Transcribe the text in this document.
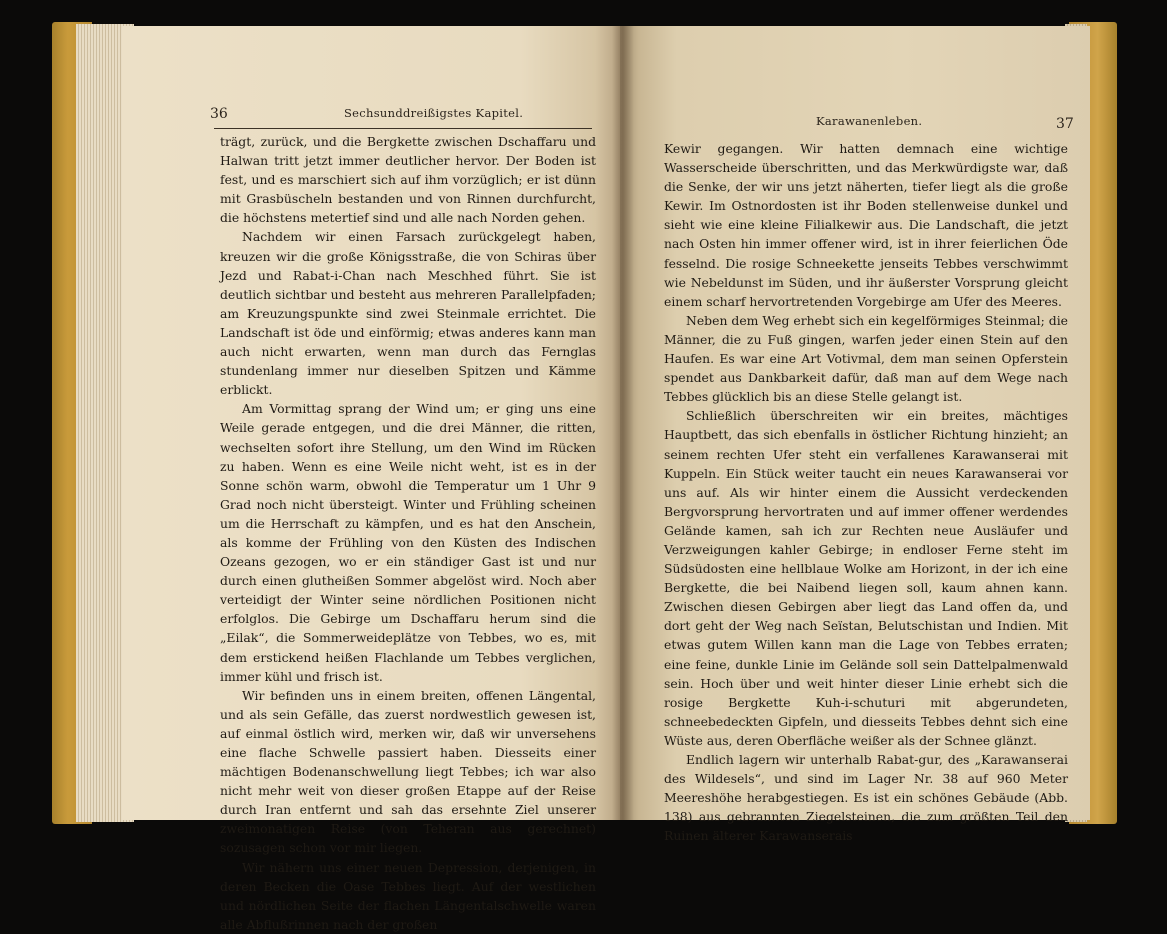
36	Sechsunddreißigstes Kapitel.

trägt, zurück, und die Bergkette zwischen Dschaffaru und Halwan tritt jetzt immer deutlicher hervor. Der Boden ist fest, und es marschiert sich auf ihm vorzüglich; er ist dünn mit Grasbüscheln bestanden und von Rinnen durchfurcht, die höchstens metertief sind und alle nach Norden gehen.

Nachdem wir einen Farsach zurückgelegt haben, kreuzen wir die große Königsstraße, die von Schiras über Jezd und Rabat-i-Chan nach Meschhed führt. Sie ist deutlich sichtbar und besteht aus mehreren Parallelpfaden; am Kreuzungspunkte sind zwei Steinmale errichtet. Die Landschaft ist öde und einförmig; etwas anderes kann man auch nicht erwarten, wenn man durch das Fernglas stundenlang immer nur dieselben Spitzen und Kämme erblickt.

Am Vormittag sprang der Wind um; er ging uns eine Weile gerade entgegen, und die drei Männer, die ritten, wechselten sofort ihre Stellung, um den Wind im Rücken zu haben. Wenn es eine Weile nicht weht, ist es in der Sonne schön warm, obwohl die Temperatur um 1 Uhr 9 Grad noch nicht übersteigt. Winter und Frühling scheinen um die Herrschaft zu kämpfen, und es hat den Anschein, als komme der Frühling von den Küsten des Indischen Ozeans gezogen, wo er ein ständiger Gast ist und nur durch einen glutheißen Sommer abgelöst wird. Noch aber verteidigt der Winter seine nördlichen Positionen nicht erfolglos. Die Gebirge um Dschaffaru herum sind die „Eilak“, die Sommerweideplätze von Tebbes, wo es, mit dem erstickend heißen Flachlande um Tebbes verglichen, immer kühl und frisch ist.

Wir befinden uns in einem breiten, offenen Längental, und als sein Gefälle, das zuerst nordwestlich gewesen ist, auf einmal östlich wird, merken wir, daß wir unversehens eine flache Schwelle passiert haben. Diesseits einer mächtigen Bodenanschwellung liegt Tebbes; ich war also nicht mehr weit von dieser großen Etappe auf der Reise durch Iran entfernt und sah das ersehnte Ziel unserer zweimonatigen Reise (von Teheran aus gerechnet) sozusagen schon vor mir liegen.

Wir nähern uns einer neuen Depression, derjenigen, in deren Becken die Oase Tebbes liegt. Auf der westlichen und nördlichen Seite der flachen Längentalschwelle waren alle Abflußrinnen nach der großen

Karawanenleben.	37

Kewir gegangen. Wir hatten demnach eine wichtige Wasserscheide überschritten, und das Merkwürdigste war, daß die Senke, der wir uns jetzt näherten, tiefer liegt als die große Kewir. Im Ostnordosten ist ihr Boden stellenweise dunkel und sieht wie eine kleine Filialkewir aus. Die Landschaft, die jetzt nach Osten hin immer offener wird, ist in ihrer feierlichen Öde fesselnd. Die rosige Schneekette jenseits Tebbes verschwimmt wie Nebeldunst im Süden, und ihr äußerster Vorsprung gleicht einem scharf hervortretenden Vorgebirge am Ufer des Meeres.

Neben dem Weg erhebt sich ein kegelförmiges Steinmal; die Männer, die zu Fuß gingen, warfen jeder einen Stein auf den Haufen. Es war eine Art Votivmal, dem man seinen Opferstein spendet aus Dankbarkeit dafür, daß man auf dem Wege nach Tebbes glücklich bis an diese Stelle gelangt ist.

Schließlich überschreiten wir ein breites, mächtiges Hauptbett, das sich ebenfalls in östlicher Richtung hinzieht; an seinem rechten Ufer steht ein verfallenes Karawanserai mit Kuppeln. Ein Stück weiter taucht ein neues Karawanserai vor uns auf. Als wir hinter einem die Aussicht verdeckenden Bergvorsprung hervortraten und auf immer offener werdendes Gelände kamen, sah ich zur Rechten neue Ausläufer und Verzweigungen kahler Gebirge; in endloser Ferne steht im Südsüdosten eine hellblaue Wolke am Horizont, in der ich eine Bergkette, die bei Naibend liegen soll, kaum ahnen kann. Zwischen diesen Gebirgen aber liegt das Land offen da, und dort geht der Weg nach Seïstan, Belutschistan und Indien. Mit etwas gutem Willen kann man die Lage von Tebbes erraten; eine feine, dunkle Linie im Gelände soll sein Dattelpalmenwald sein. Hoch über und weit hinter dieser Linie erhebt sich die rosige Bergkette Kuh-i-schuturi mit abgerundeten, schneebedeckten Gipfeln, und diesseits Tebbes dehnt sich eine Wüste aus, deren Oberfläche weißer als der Schnee glänzt.

Endlich lagern wir unterhalb Rabat-gur, des „Karawanserai des Wildesels“, und sind im Lager Nr. 38 auf 960 Meter Meereshöhe herabgestiegen. Es ist ein schönes Gebäude (Abb. 138) aus gebrannten Ziegelsteinen, die zum größten Teil den Ruinen älterer Karawanserais
